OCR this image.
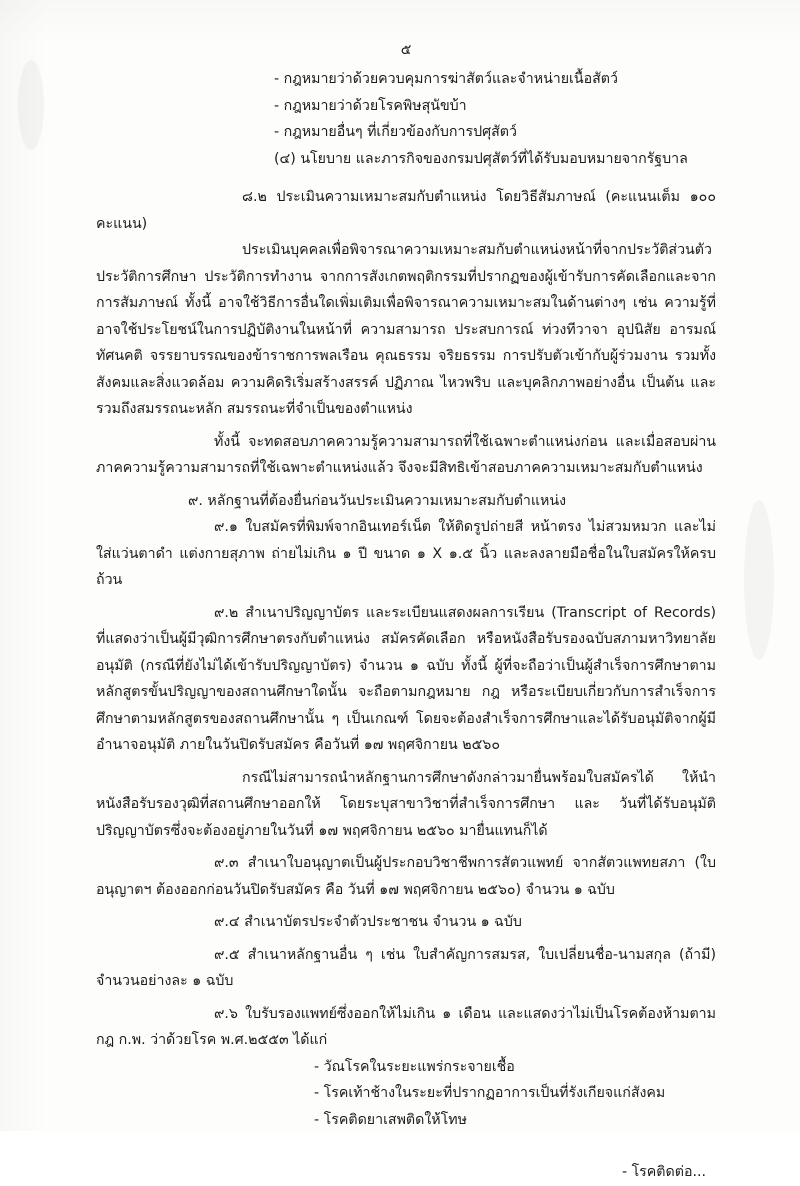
๕

- กฎหมายว่าด้วยควบคุมการฆ่าสัตว์และจำหน่ายเนื้อสัตว์

- กฎหมายว่าด้วยโรคพิษสุนัขบ้า

- กฎหมายอื่นๆ ที่เกี่ยวข้องกับการปศุสัตว์

(๔) นโยบาย และภารกิจของกรมปศุสัตว์ที่ได้รับมอบหมายจากรัฐบาล

๘.๒ ประเมินความเหมาะสมกับตำแหน่ง โดยวิธีสัมภาษณ์ (คะแนนเต็ม ๑๐๐ คะแนน)

ประเมินบุคคลเพื่อพิจารณาความเหมาะสมกับตำแหน่งหน้าที่จากประวัติส่วนตัว ประวัติการศึกษา ประวัติการทำงาน จากการสังเกตพฤติกรรมที่ปรากฏของผู้เข้ารับการคัดเลือกและจากการสัมภาษณ์ ทั้งนี้ อาจใช้วิธีการอื่นใดเพิ่มเติมเพื่อพิจารณาความเหมาะสมในด้านต่างๆ เช่น ความรู้ที่อาจใช้ประโยชน์ในการปฏิบัติงานในหน้าที่ ความสามารถ ประสบการณ์ ท่วงทีวาจา อุปนิสัย อารมณ์ ทัศนคติ จรรยาบรรณของข้าราชการพลเรือน คุณธรรม จริยธรรม การปรับตัวเข้ากับผู้ร่วมงาน รวมทั้งสังคมและสิ่งแวดล้อม ความคิดริเริ่มสร้างสรรค์ ปฏิภาณ ไหวพริบ และบุคลิกภาพอย่างอื่น เป็นต้น และรวมถึงสมรรถนะหลัก สมรรถนะที่จำเป็นของตำแหน่ง

ทั้งนี้ จะทดสอบภาคความรู้ความสามารถที่ใช้เฉพาะตำแหน่งก่อน และเมื่อสอบผ่านภาคความรู้ความสามารถที่ใช้เฉพาะตำแหน่งแล้ว จึงจะมีสิทธิเข้าสอบภาคความเหมาะสมกับตำแหน่ง

๙. หลักฐานที่ต้องยื่นก่อนวันประเมินความเหมาะสมกับตำแหน่ง

๙.๑ ใบสมัครที่พิมพ์จากอินเทอร์เน็ต ให้ติดรูปถ่ายสี หน้าตรง ไม่สวมหมวก และไม่ใส่แว่นตาดำ แต่งกายสุภาพ ถ่ายไม่เกิน ๑ ปี ขนาด ๑ X ๑.๕ นิ้ว และลงลายมือชื่อในใบสมัครให้ครบถ้วน

๙.๒ สำเนาปริญญาบัตร และระเบียนแสดงผลการเรียน (Transcript of Records) ที่แสดงว่าเป็นผู้มีวุฒิการศึกษาตรงกับตำแหน่ง สมัครคัดเลือก หรือหนังสือรับรองฉบับสภามหาวิทยาลัยอนุมัติ (กรณีที่ยังไม่ได้เข้ารับปริญญาบัตร) จำนวน ๑ ฉบับ ทั้งนี้ ผู้ที่จะถือว่าเป็นผู้สำเร็จการศึกษาตามหลักสูตรขั้นปริญญาของสถานศึกษาใดนั้น จะถือตามกฎหมาย กฎ หรือระเบียบเกี่ยวกับการสำเร็จการศึกษาตามหลักสูตรของสถานศึกษานั้น ๆ เป็นเกณฑ์ โดยจะต้องสำเร็จการศึกษาและได้รับอนุมัติจากผู้มีอำนาจอนุมัติ ภายในวันปิดรับสมัคร คือวันที่ ๑๗ พฤศจิกายน ๒๕๖๐

กรณีไม่สามารถนำหลักฐานการศึกษาดังกล่าวมายื่นพร้อมใบสมัครได้ ให้นำหนังสือรับรองวุฒิที่สถานศึกษาออกให้ โดยระบุสาขาวิชาที่สำเร็จการศึกษา และ วันที่ได้รับอนุมัติปริญญาบัตรซึ่งจะต้องอยู่ภายในวันที่ ๑๗ พฤศจิกายน ๒๕๖๐ มายื่นแทนก็ได้

๙.๓ สำเนาใบอนุญาตเป็นผู้ประกอบวิชาชีพการสัตวแพทย์ จากสัตวแพทยสภา (ใบอนุญาตฯ ต้องออกก่อนวันปิดรับสมัคร คือ วันที่ ๑๗ พฤศจิกายน ๒๕๖๐) จำนวน ๑ ฉบับ

๙.๔ สำเนาบัตรประจำตัวประชาชน จำนวน ๑ ฉบับ

๙.๕ สำเนาหลักฐานอื่น ๆ เช่น ใบสำคัญการสมรส, ใบเปลี่ยนชื่อ-นามสกุล (ถ้ามี) จำนวนอย่างละ ๑ ฉบับ

๙.๖ ใบรับรองแพทย์ซึ่งออกให้ไม่เกิน ๑ เดือน และแสดงว่าไม่เป็นโรคต้องห้ามตามกฎ ก.พ. ว่าด้วยโรค พ.ศ.๒๕๕๓ ได้แก่

- วัณโรคในระยะแพร่กระจายเชื้อ

- โรคเท้าช้างในระยะที่ปรากฏอาการเป็นที่รังเกียจแก่สังคม

- โรคติดยาเสพติดให้โทษ

- โรคติดต่อ...
